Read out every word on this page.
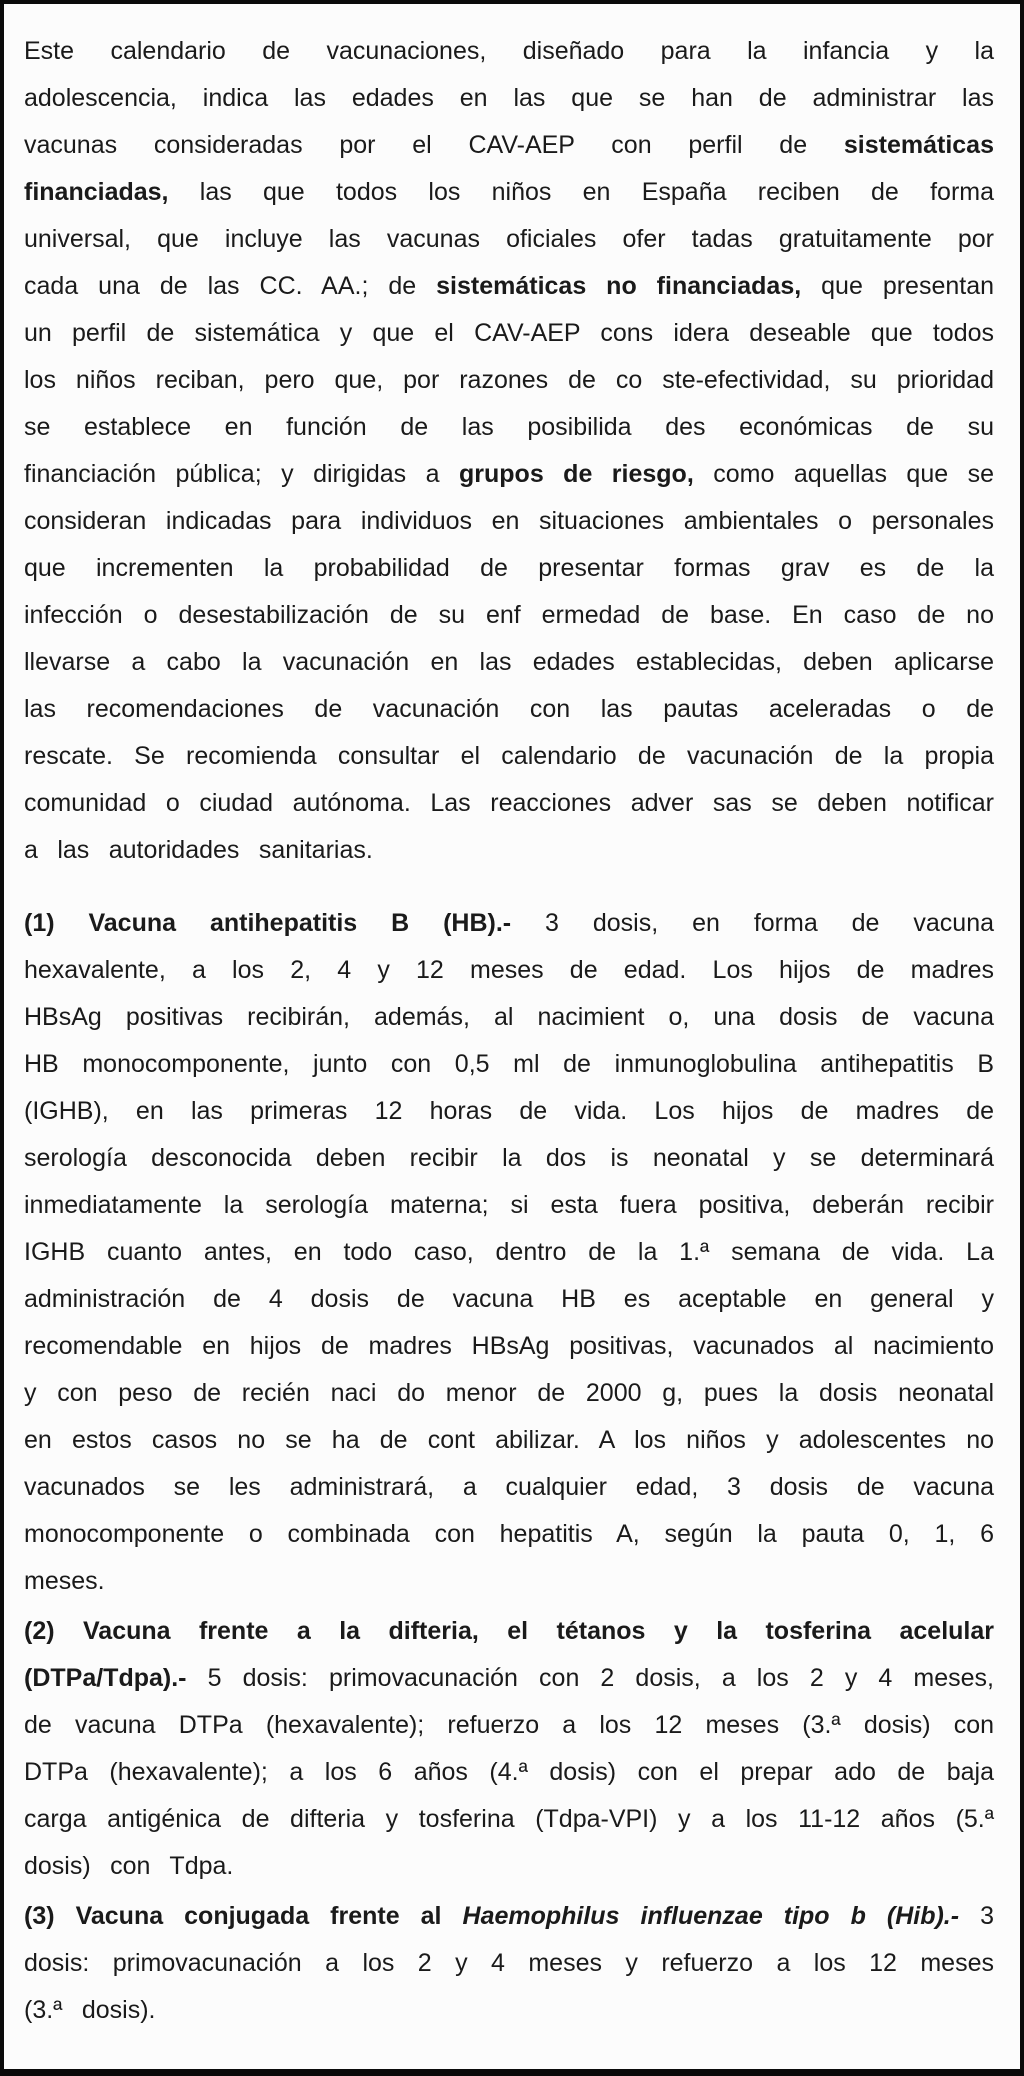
Este calendario de vacunaciones, diseñado para la infancia y la adolescencia, indica las edades en las que se han de administrar las vacunas consideradas por el CAV-AEP con perfil de sistemáticas financiadas, las que todos los niños en España reciben de forma universal, que incluye las vacunas oficiales ofer tadas gratuitamente por cada una de las CC. AA.; de sistemáticas no financiadas, que presentan un perfil de sistemática y que el CAV-AEP cons idera deseable que todos los niños reciban, pero que, por razones de co ste-efectividad, su prioridad se establece en función de las posibilida des económicas de su financiación pública; y dirigidas a grupos de riesgo, como aquellas que se consideran indicadas para individuos en situaciones ambientales o personales que incrementen la probabilidad de presentar formas grav es de la infección o desestabilización de su enf ermedad de base. En caso de no llevarse a cabo la vacunación en las edades establecidas, deben aplicarse las recomendaciones de vacunación con las pautas aceleradas o de rescate. Se recomienda consultar el calendario de vacunación de la propia comunidad o ciudad autónoma. Las reacciones adver sas se deben notificar a las autoridades sanitarias.

(1) Vacuna antihepatitis B (HB).- 3 dosis, en forma de vacuna hexavalente, a los 2, 4 y 12 meses de edad. Los hijos de madres HBsAg positivas recibirán, además, al nacimient o, una dosis de vacuna HB monocomponente, junto con 0,5 ml de inmunoglobulina antihepatitis B (IGHB), en las primeras 12 horas de vida. Los hijos de madres de serología desconocida deben recibir la dos is neonatal y se determinará inmediatamente la serología materna; si esta fuera positiva, deberán recibir IGHB cuanto antes, en todo caso, dentro de la 1.ª semana de vida. La administración de 4 dosis de vacuna HB es aceptable en general y recomendable en hijos de madres HBsAg positivas, vacunados al nacimiento y con peso de recién naci do menor de 2000 g, pues la dosis neonatal en estos casos no se ha de cont abilizar. A los niños y adolescentes no vacunados se les administrará, a cualquier edad, 3 dosis de vacuna monocomponente o combinada con hepatitis A, según la pauta 0, 1, 6 meses.

(2) Vacuna frente a la difteria, el tétanos y la tosferina acelular (DTPa/Tdpa).- 5 dosis: primovacunación con 2 dosis, a los 2 y 4 meses, de vacuna DTPa (hexavalente); refuerzo a los 12 meses (3.ª dosis) con DTPa (hexavalente); a los 6 años (4.ª dosis) con el prepar ado de baja carga antigénica de difteria y tosferina (Tdpa-VPI) y a los 11-12 años (5.ª dosis) con Tdpa.

(3) Vacuna conjugada frente al Haemophilus influenzae tipo b (Hib).- 3 dosis: primovacunación a los 2 y 4 meses y refuerzo a los 12 meses (3.ª dosis).
